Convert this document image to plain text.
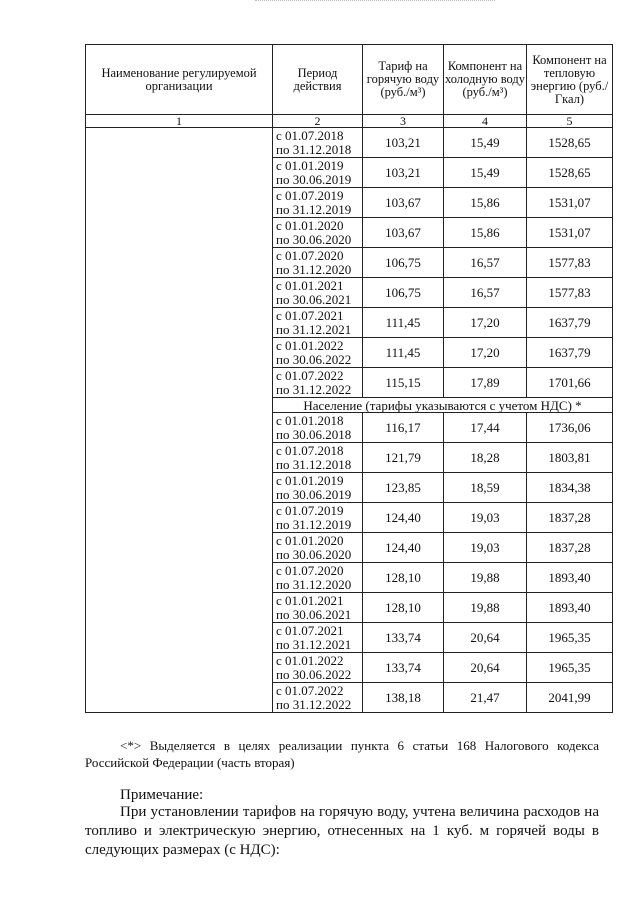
Наименование регулируемой организации	Период действия	Тариф на горячую воду (руб./м³)	Компонент на холодную воду (руб./м³)	Компонент на тепловую энергию (руб./Гкал)
1	2	3	4	5
	с 01.07.2018
по 31.12.2018	103,21	15,49	1528,65
	с 01.01.2019
по 30.06.2019	103,21	15,49	1528,65
	с 01.07.2019
по 31.12.2019	103,67	15,86	1531,07
	с 01.01.2020
по 30.06.2020	103,67	15,86	1531,07
	с 01.07.2020
по 31.12.2020	106,75	16,57	1577,83
	с 01.01.2021
по 30.06.2021	106,75	16,57	1577,83
	с 01.07.2021
по 31.12.2021	111,45	17,20	1637,79
	с 01.01.2022
по 30.06.2022	111,45	17,20	1637,79
	с 01.07.2022
по 31.12.2022	115,15	17,89	1701,66
	Население (тарифы указываются с учетом НДС) *			
	с 01.01.2018
по 30.06.2018	116,17	17,44	1736,06
	с 01.07.2018
по 31.12.2018	121,79	18,28	1803,81
	с 01.01.2019
по 30.06.2019	123,85	18,59	1834,38
	с 01.07.2019
по 31.12.2019	124,40	19,03	1837,28
	с 01.01.2020
по 30.06.2020	124,40	19,03	1837,28
	с 01.07.2020
по 31.12.2020	128,10	19,88	1893,40
	с 01.01.2021
по 30.06.2021	128,10	19,88	1893,40
	с 01.07.2021
по 31.12.2021	133,74	20,64	1965,35
	с 01.01.2022
по 30.06.2022	133,74	20,64	1965,35
	с 01.07.2022
по 31.12.2022	138,18	21,47	2041,99
<*> Выделяется в целях реализации пункта 6 статьи 168 Налогового кодекса Российской Федерации (часть вторая)
Примечание:
При установлении тарифов на горячую воду, учтена величина расходов на топливо и электрическую энергию, отнесенных на 1 куб. м горячей воды в следующих размерах (с НДС):
